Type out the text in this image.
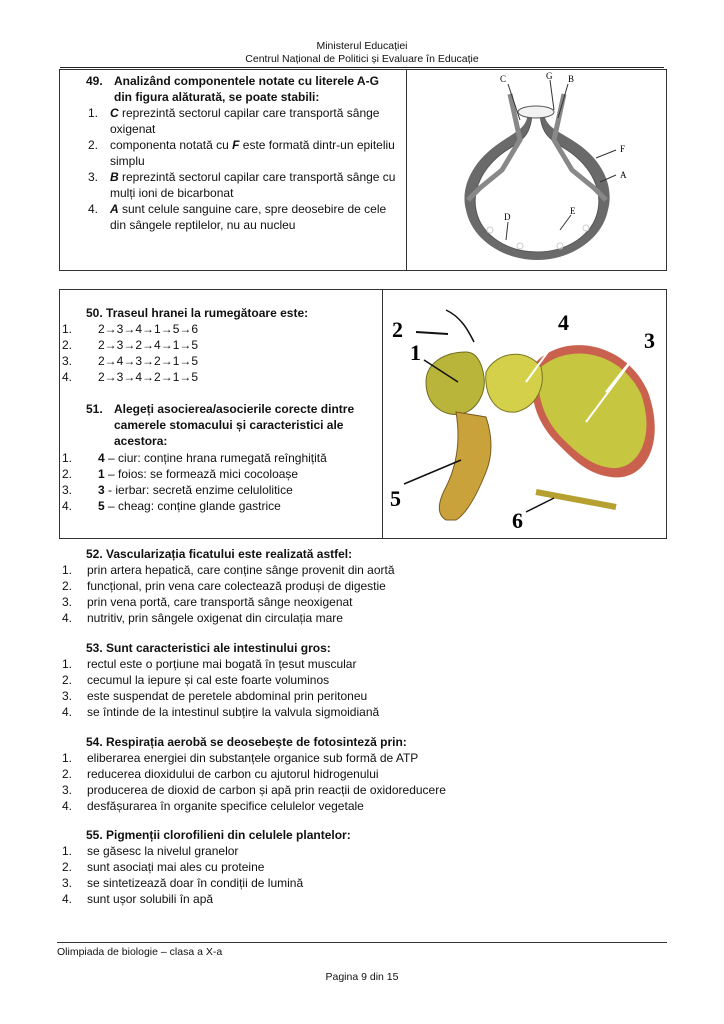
Ministerul Educației
Centrul Național de Politici și Evaluare în Educație
49. Analizând componentele notate cu literele A-G din figura alăturată, se poate stabili:
1. C reprezintă sectorul capilar care transportă sânge oxigenat
2. componenta notată cu F este formată dintr-un epiteliu simplu
3. B reprezintă sectorul capilar care transportă sânge cu mulți ioni de bicarbonat
4. A sunt celule sanguine care, spre deosebire de cele din sângele reptilelor, nu au nucleu
C	G B
F
A
D
E
50. Traseul hranei la rumegătoare este:
1. 2→3→4→1→5→6
2. 2→3→2→4→1→5
3. 2→4→3→2→1→5
4. 2→3→4→2→1→5
51. Alegeți asocierea/asocierile corecte dintre camerele stomacului și caracteristici ale acestora:
1. 4 – ciur: conține hrana rumegată reînghițită
2. 1 – foios: se formează mici cocoloașe
3. 3 - ierbar: secretă enzime celulolitice
4. 5 – cheag: conține glande gastrice
2
1
4
3
5
6
52. Vascularizația ficatului este realizată astfel:
1. prin artera hepatică, care conține sânge provenit din aortă
2. funcțional, prin vena care colectează produși de digestie
3. prin vena portă, care transportă sânge neoxigenat
4. nutritiv, prin sângele oxigenat din circulația mare
53. Sunt caracteristici ale intestinului gros:
1. rectul este o porțiune mai bogată în țesut muscular
2. cecumul la iepure și cal este foarte voluminos
3. este suspendat de peretele abdominal prin peritoneu
4. se întinde de la intestinul subțire la valvula sigmoidiană
54. Respirația aerobă se deosebește de fotosinteză prin:
1. eliberarea energiei din substanțele organice sub formă de ATP
2. reducerea dioxidului de carbon cu ajutorul hidrogenului
3. producerea de dioxid de carbon și apă prin reacții de oxidoreducere
4. desfășurarea în organite specifice celulelor vegetale
55. Pigmenții clorofilieni din celulele plantelor:
1. se găsesc la nivelul granelor
2. sunt asociați mai ales cu proteine
3. se sintetizează doar în condiții de lumină
4. sunt ușor solubili în apă
Olimpiada de biologie – clasa a X-a
Pagina 9 din 15
